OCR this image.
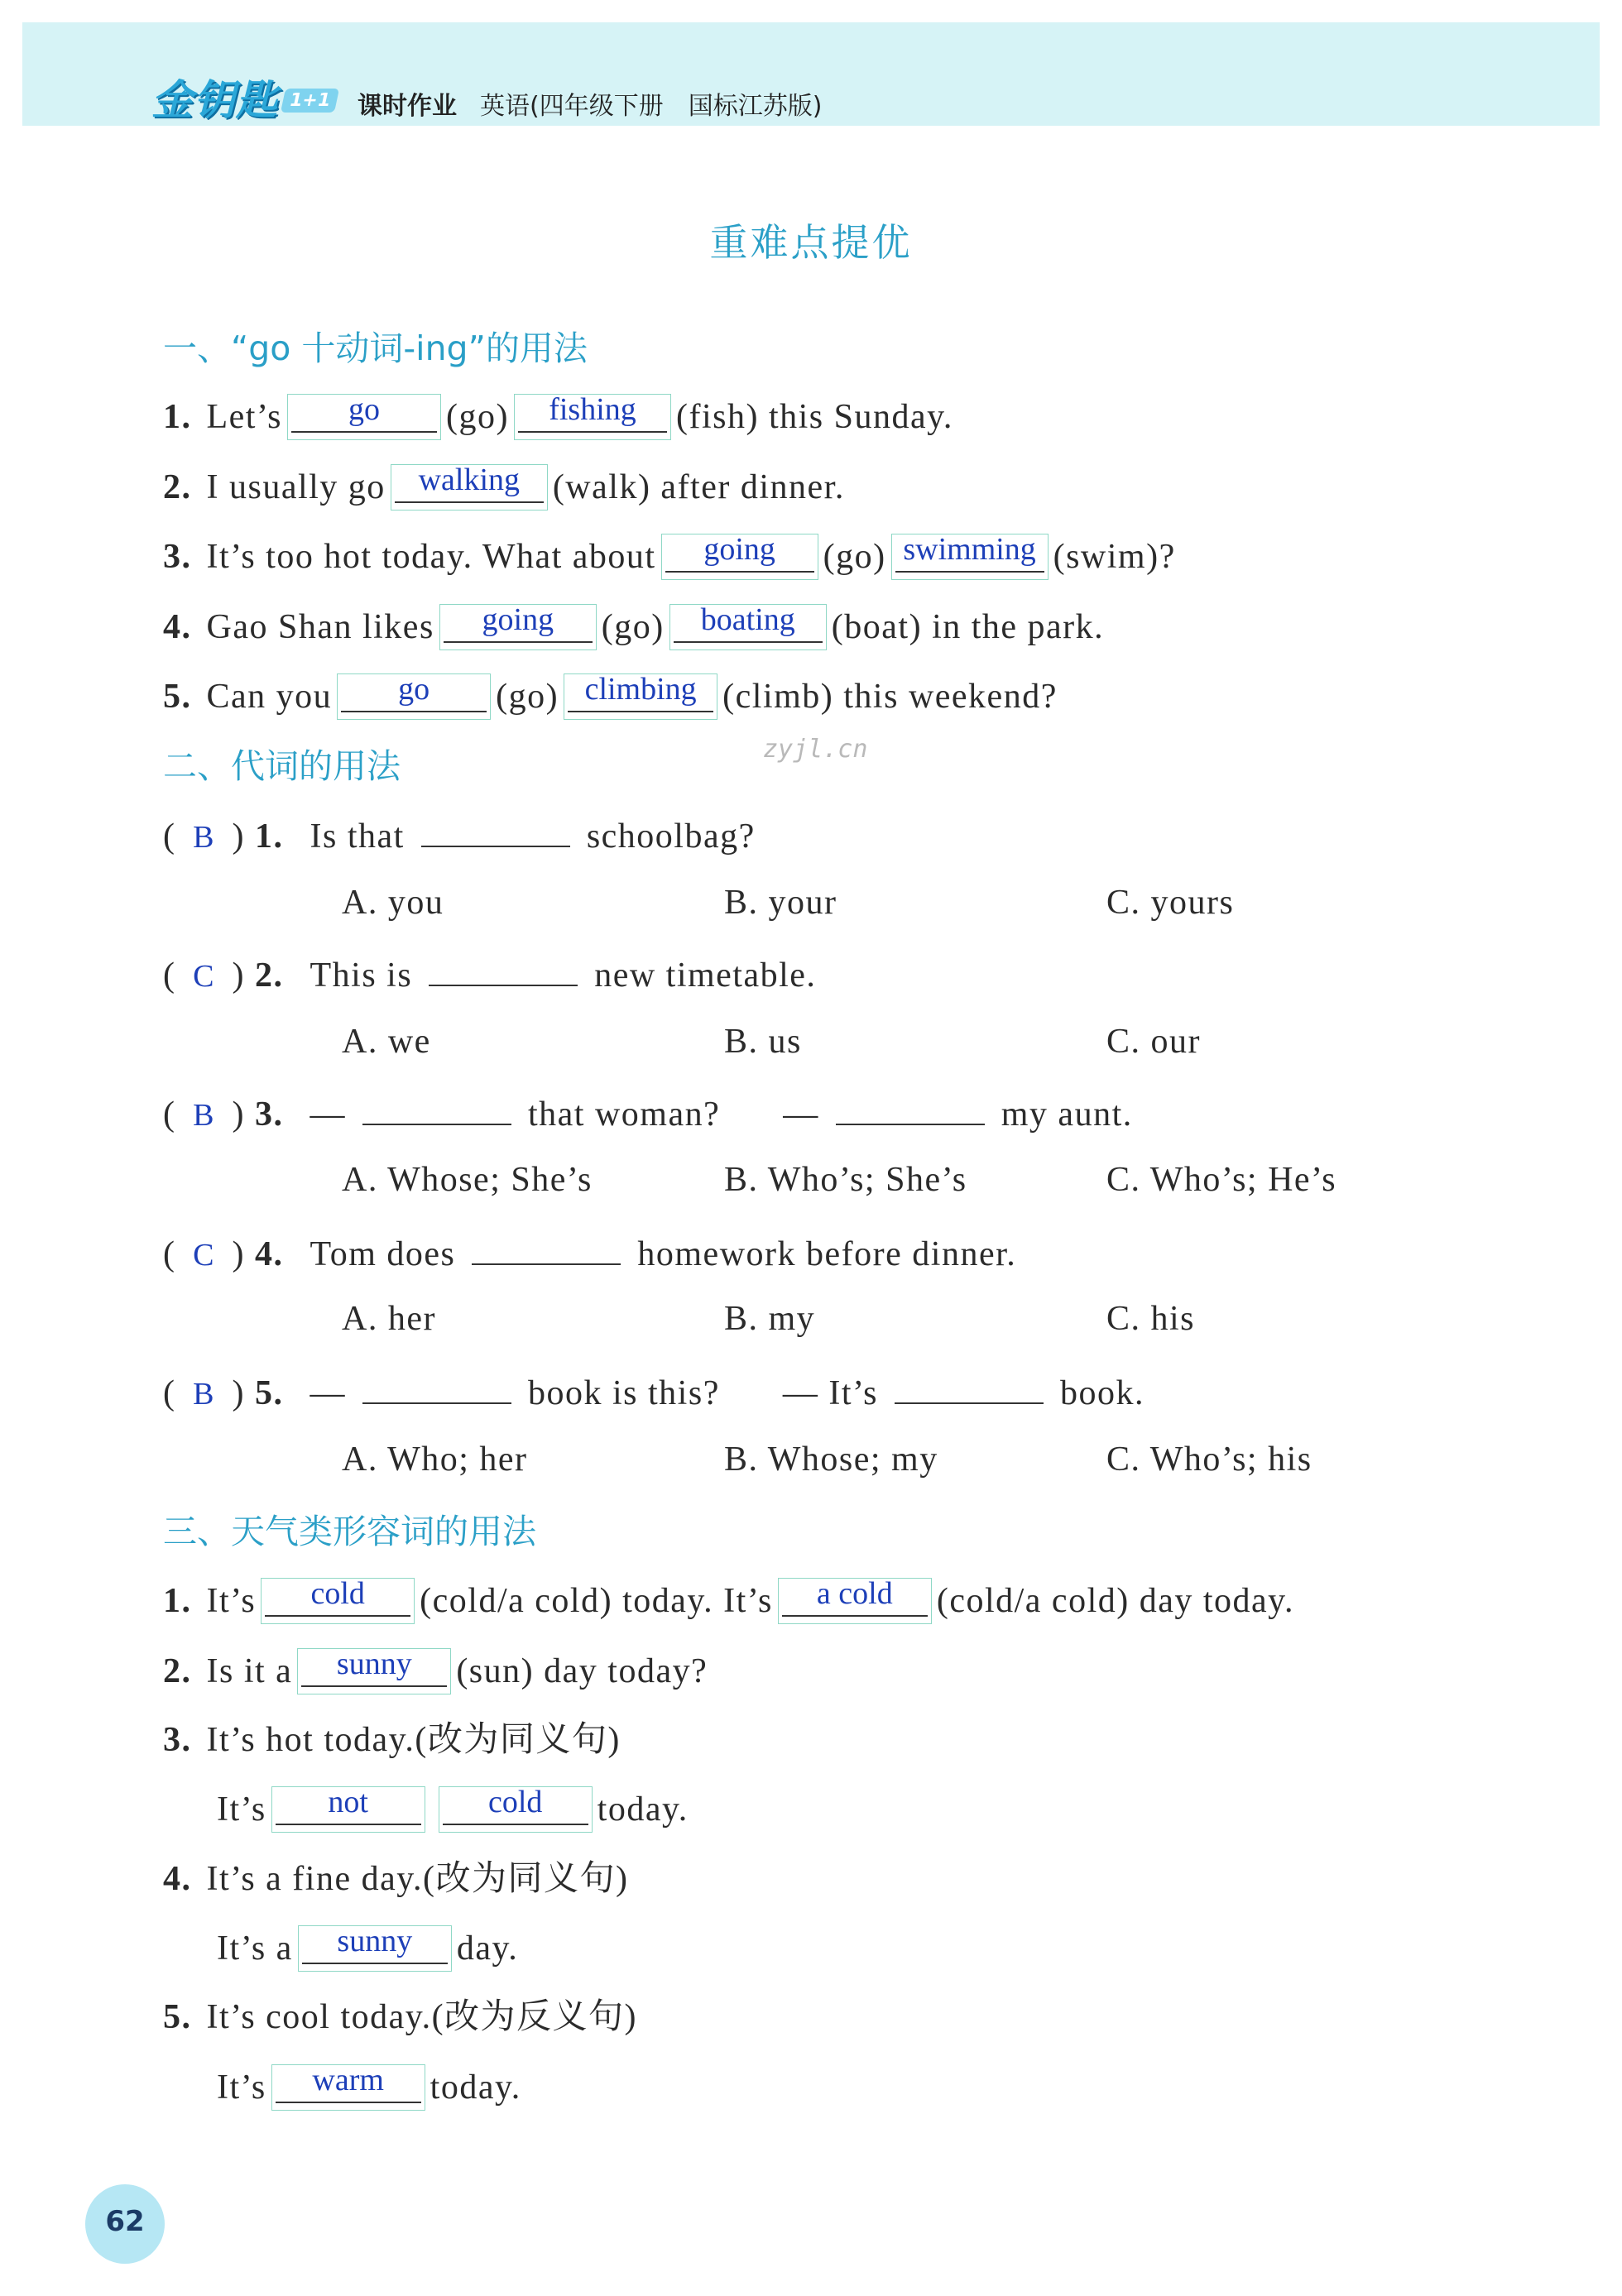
金钥匙 1+1 课时作业 英语(四年级下册　国标江苏版)
重难点提优
一、“go 十动词-ing”的用法
1. Let’s	go	(go)	fishing	(fish) this Sunday.
2. I usually go	walking (walk) after dinner.
3. It’s too hot today. What about	going	(go) swimming (swim)?
4. Gao Shan likes	going	(go)	boating	(boat) in the park.
5. Can you	go	(go) climbing (climb) this weekend?
zyjl.cn
二、代词的用法
( B ) 1. Is that	schoolbag?
A. you	B. your	C. yours
( C ) 2. This is	new timetable.
A. we	B. us	C. our
( B ) 3. —	that woman? —	my aunt.
A. Whose; She’s	B. Who’s; She’s	C. Who’s; He’s
( C ) 4. Tom does	homework before dinner.
A. her	B. my	C. his
( B ) 5. —	book is this? — It’s	book.
A. Who; her	B. Whose; my	C. Who’s; his
三、天气类形容词的用法
1. It’s	cold	(cold/a cold) today. It’s	a cold	(cold/a cold) day today.
2. Is it a	sunny	(sun) day today?
3. It’s hot today.(改为同义句)
It’s	not	cold	today.
4. It’s a fine day.(改为同义句)
It’s a	sunny	day.
5. It’s cool today.(改为反义句)
It’s	warm	today.
62
